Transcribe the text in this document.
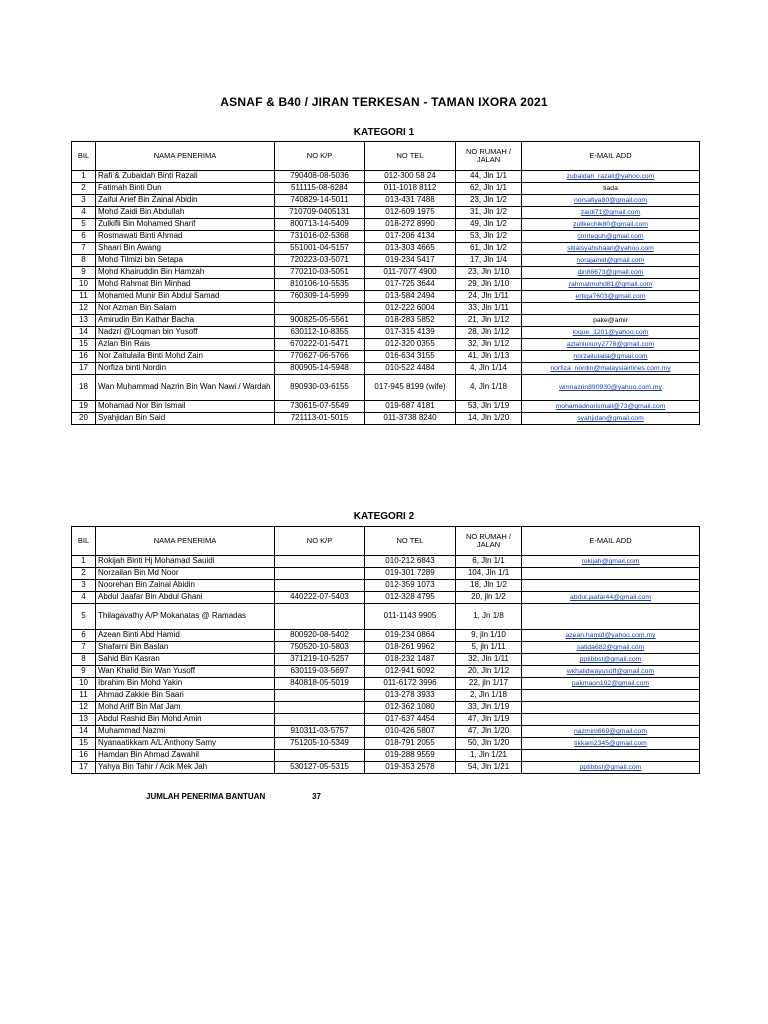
ASNAF & B40 / JIRAN TERKESAN - TAMAN IXORA 2021
KATEGORI 1
BIL	NAMA PENERIMA	NO K/P	NO TEL	NO RUMAH / JALAN	E-MAIL ADD
1	Rafi & Zubaidah Binti Razali	790408-08-5036	012-300 58 24	44, Jln 1/1	zubaidah_razali@yahoo.com
2	Fatimah Binti Dun	511115-08-6284	011-1018 8112	62, Jln 1/1	tiada
3	Zaiful Arief Bin Zainal Abidin	740829-14-5011	013-431 7488	23, Jln 1/2	norsafiya80@gmail.com
4	Mohd Zaidi Bin Abdullah	710709-0405131	012-609 1975	31, Jln 1/2	zaidi71@gmail.com
5	Zulkifli Bin Mohamed Sharif	800713-14-5409	018-272 8990	49, Jln 1/2	zullkechik80@gmail.com
6	Rosmawati Binti Ahmad	731016-02-5368	017-206 4134	53, Jln 1/2	cmrteguh@gmail.com
7	Shaari Bin Awang	551001-04-5157	013-303 4665	61, Jln 1/2	sitiaisyahshaari@yahoo.com
8	Mohd Tilmizi bin Setapa	720223-03-5071	019-234 5417	17, Jln 1/4	norajamid@gmail.com
9	Mohd Khairuddin Bin Hamzah	770210-03-5051	011-7077 4900	23, Jln 1/10	din88673@gmail.com
10	Mohd Rahmat Bin Minhad	810106-10-5535	017-725 3644	29, Jln 1/10	rahmatmohd81@gmail.com
11	Mohamed Munir Bin Abdul Samad	760309-14-5999	013-584 2494	24, Jln 1/11	ertiga7603@gmail.com
12	Nor Azman Bin Salam		012-222 6004	33, Jln 1/11	
13	Amirudin Bin Kathar Bacha	900825-05-5561	018-283 5852	21, Jln 1/12	pake@amir
14	Nadzri @Loqman bin Yusoff	630112-10-8355	017-315 4139	28, Jln 1/12	loque_1201@yahoo.com
15	Azlan Bin Rais	670222-01-5471	012-320 0355	32, Jln 1/12	azlanluxury2778@gmail.com
16	Nor Zaitulaila Binti Mohd Zain	770627-06-5766	016-634 3155	41, Jln 1/13	norzaitulaila@gmail.com
17	Norfiza binti Nordin	800905-14-5948	010-522 4484	4, Jln 1/14	norfiza_nordin@malaysiairlines.com.my
18	Wan Muhammad Nazrin Bin Wan Nawi / Wardah	890930-03-6155	017-945 8199 (wife)	4, Jln 1/18	wmnazrin890930@yahoo.com.my
19	Mohamad Nor Bin Ismail	730615-07-5549	019-687 4181	53, Jln 1/19	mohamadnorismail@73@gmail.com
20	Syahjidan Bin Said	721113-01-5015	011-3738 8240	14, Jln 1/20	syahjidan@gmail.com
KATEGORI 2
BIL	NAMA PENERIMA	NO K/P	NO TEL	NO RUMAH / JALAN	E-MAIL ADD
1	Rokijah Binti Hj Mohamad Sauidi		010-212 6843	6, Jln 1/1	rokijah@gmail.com
2	Norzailan Bin Md Noor		019-301 7289	104, Jln 1/1	
3	Noorehan Bin Zainal Abidin		012-359 1073	18, Jln 1/2	
4	Abdul Jaafar Bin Abdul Ghani	440222-07-5403	012-328 4795	20, jln 1/2	abdul.jaafar44@gmail.com
5	Thilagavathy A/P Mokanatas @ Ramadas		011-1143 9905	1, Jn 1/8	
6	Azean Binti Abd Hamid	800920-08-5402	019-234 0864	9, jln 1/10	azean.hamid@yahoo.com.my
7	Shafarni Bin Baslan	750520-10-5803	018-261 9962	5, jln 1/11	satida682@gmail.com
8	Sahid Bin Kasran	371219-10-5257	018-232 1487	32, Jln 1/11	pptibbst@gmail.com
9	Wan Khalid Bin Wan Yusoff	630119-03-5697	012-941 6092	20, Jln 1/12	wkhalidwayusoff@gmail.com
10	Ibrahim Bin Mohd Yakin	840818-05-5019	011-6172 3996	22, jln 1/17	pakmaon192@gmail.com
11	Ahmad Zakkie Bin Saari		013-278 3933	2, Jln 1/18	
12	Mohd Ariff Bin Mat Jam		012-362 1080	33, Jln 1/19	
13	Abdul Rashid Bin Mohd Amin		017-637 4454	47, Jln 1/19	
14	Muhammad Nazmi	910311-03-5757	010-426 5807	47, Jln 1/20	nazmim669@gmail.com
15	Nyanaatikkam A/L Anthony Samy	751205-10-5349	018-791 2055	50, Jln 1/20	tikkam2345@gmail.com
16	Hamdan Bin Ahmad Zawahil		019-288 9559	1, Jln 1/21	
17	Yahya Bin Tahir / Acik Mek Jah	530127-05-5315	019-353 2578	54, Jln 1/21	pptibbst@gmail.com
JUMLAH PENERIMA BANTUAN	37
